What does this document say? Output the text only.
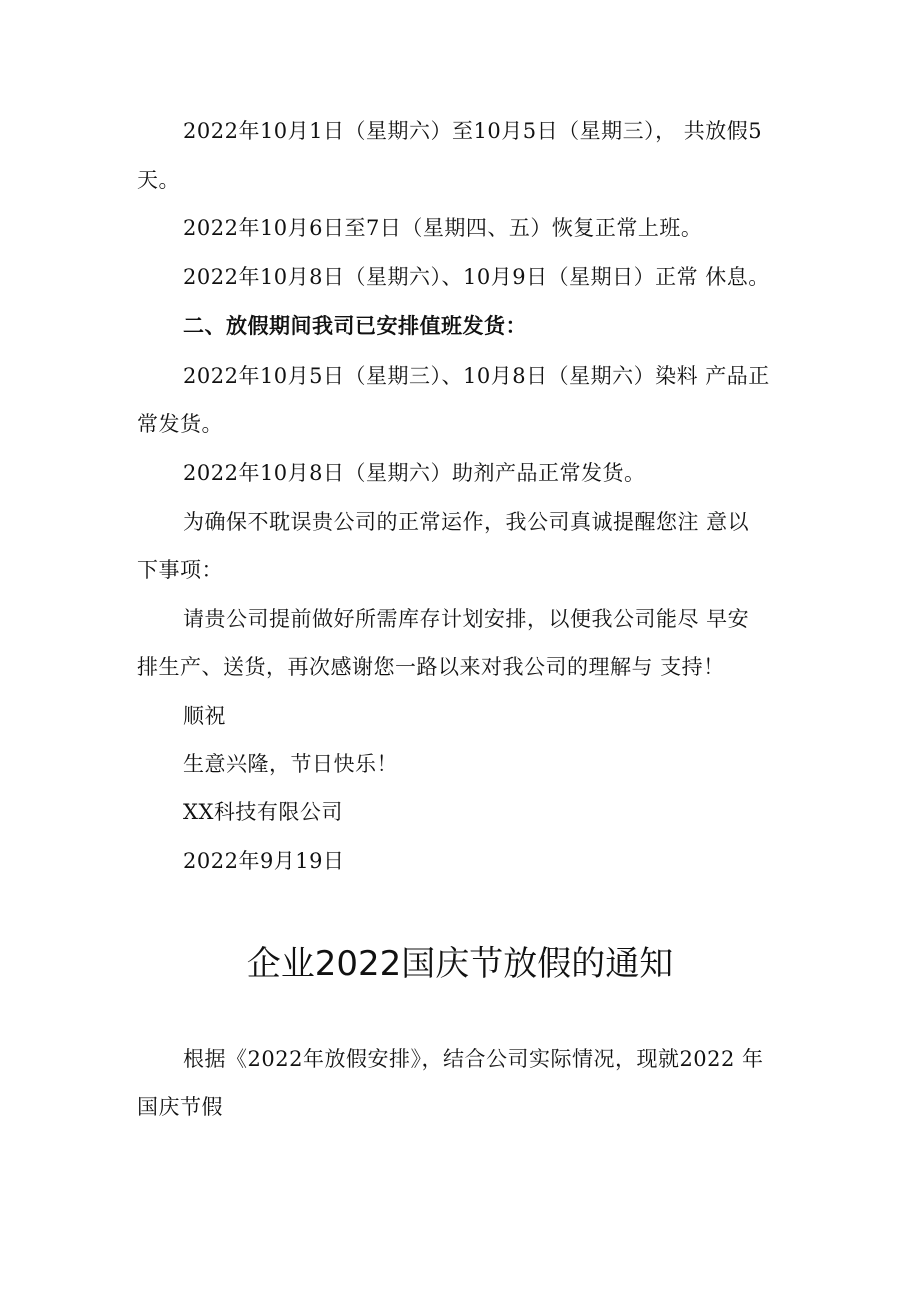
2022年10月1日（星期六）至10月5日（星期三）， 共放假5
天。
2022年10月6日至7日（星期四、五）恢复正常上班。
2022年10月8日（星期六）、10月9日（星期日）正常 休息。
二、放假期间我司已安排值班发货：
2022年10月5日（星期三）、10月8日（星期六）染料 产品正
常发货。
2022年10月8日（星期六）助剂产品正常发货。
为确保不耽误贵公司的正常运作，我公司真诚提醒您注 意以
下事项：
请贵公司提前做好所需库存计划安排，以便我公司能尽 早安
排生产、送货，再次感谢您一路以来对我公司的理解与 支持！
顺祝
生意兴隆，节日快乐！
XX科技有限公司
2022年9月19日
企业2022国庆节放假的通知
根据《2022年放假安排》，结合公司实际情况，现就2022 年
国庆节假
